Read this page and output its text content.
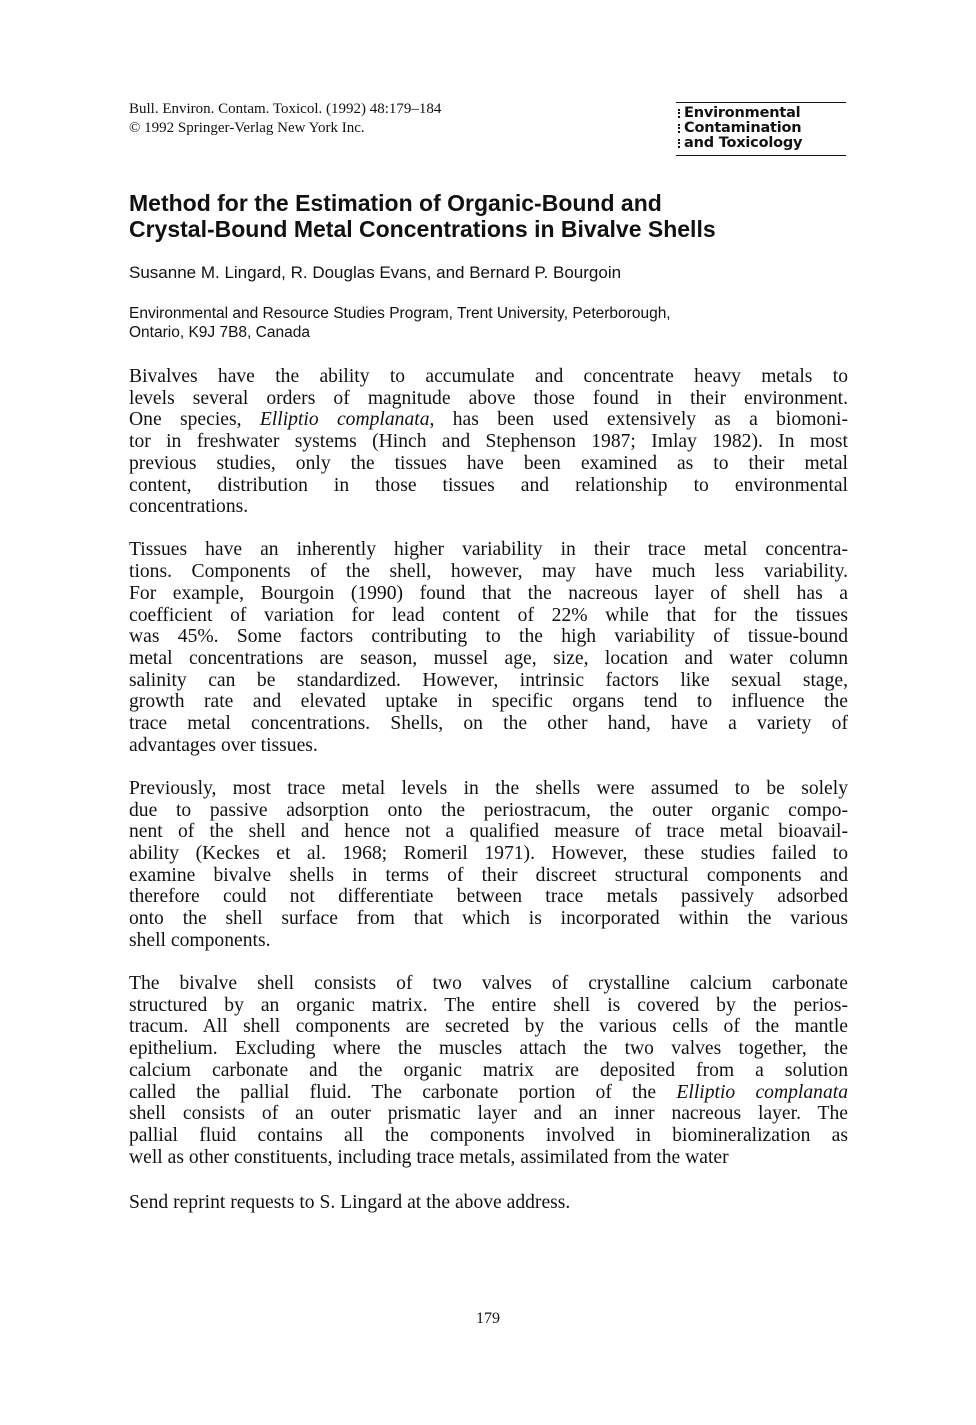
Bull. Environ. Contam. Toxicol. (1992) 48:179–184
© 1992 Springer-Verlag New York Inc.
Environmental
Contamination
and Toxicology
Method for the Estimation of Organic-Bound and
Crystal-Bound Metal Concentrations in Bivalve Shells
Susanne M. Lingard, R. Douglas Evans, and Bernard P. Bourgoin
Environmental and Resource Studies Program, Trent University, Peterborough,
Ontario, K9J 7B8, Canada

Bivalves have the ability to accumulate and concentrate heavy metals to
levels several orders of magnitude above those found in their environment.
One species, Elliptio complanata, has been used extensively as a biomoni-
tor in freshwater systems (Hinch and Stephenson 1987; Imlay 1982). In most
previous studies, only the tissues have been examined as to their metal
content, distribution in those tissues and relationship to environmental
concentrations.

Tissues have an inherently higher variability in their trace metal concentra-
tions. Components of the shell, however, may have much less variability.
For example, Bourgoin (1990) found that the nacreous layer of shell has a
coefficient of variation for lead content of 22% while that for the tissues
was 45%. Some factors contributing to the high variability of tissue-bound
metal concentrations are season, mussel age, size, location and water column
salinity can be standardized. However, intrinsic factors like sexual stage,
growth rate and elevated uptake in specific organs tend to influence the
trace metal concentrations. Shells, on the other hand, have a variety of
advantages over tissues.

Previously, most trace metal levels in the shells were assumed to be solely
due to passive adsorption onto the periostracum, the outer organic compo-
nent of the shell and hence not a qualified measure of trace metal bioavail-
ability (Keckes et al. 1968; Romeril 1971). However, these studies failed to
examine bivalve shells in terms of their discreet structural components and
therefore could not differentiate between trace metals passively adsorbed
onto the shell surface from that which is incorporated within the various
shell components.

The bivalve shell consists of two valves of crystalline calcium carbonate
structured by an organic matrix. The entire shell is covered by the perios-
tracum. All shell components are secreted by the various cells of the mantle
epithelium. Excluding where the muscles attach the two valves together, the
calcium carbonate and the organic matrix are deposited from a solution
called the pallial fluid. The carbonate portion of the Elliptio complanata
shell consists of an outer prismatic layer and an inner nacreous layer. The
pallial fluid contains all the components involved in biomineralization as
well as other constituents, including trace metals, assimilated from the water

Send reprint requests to S. Lingard at the above address.
179
